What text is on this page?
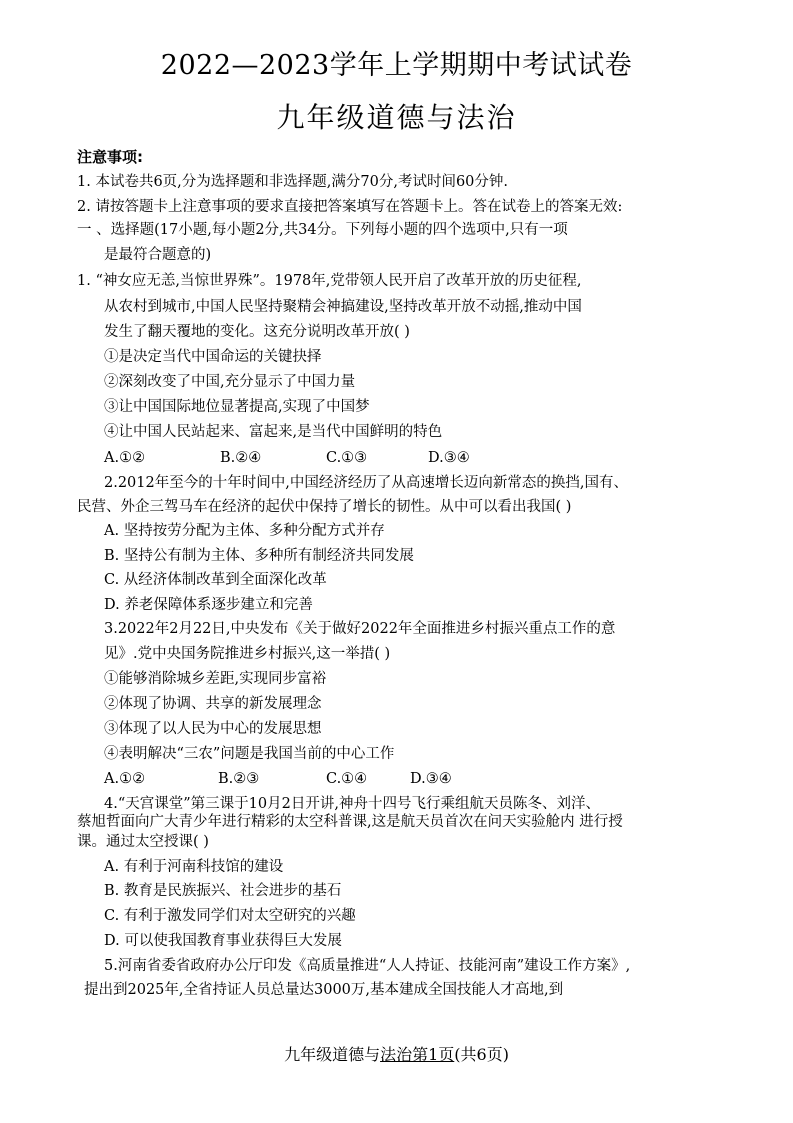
2022—2023学年上学期期中考试试卷
九年级道德与法治
注意事项:
1. 本试卷共6页,分为选择题和非选择题,满分70分,考试时间60分钟.
2. 请按答题卡上注意事项的要求直接把答案填写在答题卡上。答在试卷上的答案无效:
一 、选择题(17小题,每小题2分,共34分。下列每小题的四个选项中,只有一项
是最符合题意的)
1. “神女应无恙,当惊世界殊”。1978年,党带领人民开启了改革开放的历史征程,
从农村到城市,中国人民坚持聚精会神搞建设,坚持改革开放不动摇,推动中国
发生了翻天覆地的变化。这充分说明改革开放( )
①是决定当代中国命运的关键抉择
②深刻改变了中国,充分显示了中国力量
③让中国国际地位显著提高,实现了中国梦
④让中国人民站起来、富起来,是当代中国鲜明的特色
A.①②	B.②④	C.①③	D.③④
2.2012年至今的十年时间中,中国经济经历了从高速增长迈向新常态的换挡,国有、
民营、外企三驾马车在经济的起伏中保持了增长的韧性。从中可以看出我国( )
A. 坚持按劳分配为主体、多种分配方式并存
B. 坚持公有制为主体、多种所有制经济共同发展
C. 从经济体制改革到全面深化改革
D. 养老保障体系逐步建立和完善
3.2022年2月22日,中央发布《关于做好2022年全面推进乡村振兴重点工作的意
见》.党中央国务院推进乡村振兴,这一举措( )
①能够消除城乡差距,实现同步富裕
②体现了协调、共享的新发展理念
③体现了以人民为中心的发展思想
④表明解决“三农”问题是我国当前的中心工作
A.①②	B.②③	C.①④	D.③④
4.“天宫课堂”第三课于10月2日开讲,神舟十四号飞行乘组航天员陈冬、刘洋、
蔡旭哲面向广大青少年进行精彩的太空科普课,这是航天员首次在问天实验舱内 进行授
课。通过太空授课( )
A. 有利于河南科技馆的建设
B. 教育是民族振兴、社会进步的基石
C. 有利于激发同学们对太空研究的兴趣
D. 可以使我国教育事业获得巨大发展
5.河南省委省政府办公厅印发《高质量推进“人人持证、技能河南”建设工作方案》,
提出到2025年,全省持证人员总量达3000万,基本建成全国技能人才高地,到
九年级道德与法治第1页(共6页)
